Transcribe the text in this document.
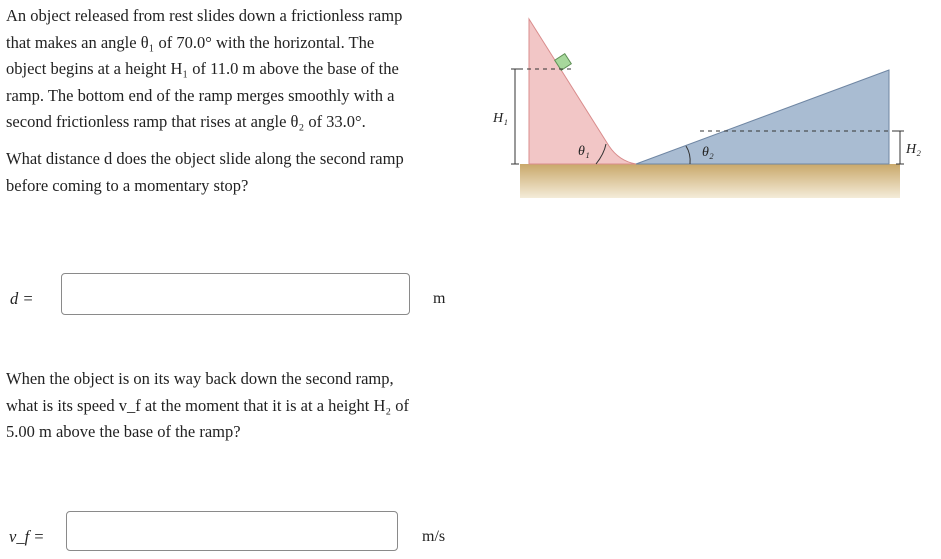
An object released from rest slides down a frictionless ramp
that makes an angle θ₁ of 70.0° with the horizontal. The
object begins at a height H₁ of 11.0 m above the base of the
ramp. The bottom end of the ramp merges smoothly with a
second frictionless ramp that rises at angle θ₂ of 33.0°.

What distance d does the object slide along the second ramp
before coming to a momentary stop?

d =	m

When the object is on its way back down the second ramp,
what is its speed v_f at the moment that it is at a height H₂ of
5.00 m above the base of the ramp?

v_f =	m/s
H₁
H₂
θ₁	θ₂
